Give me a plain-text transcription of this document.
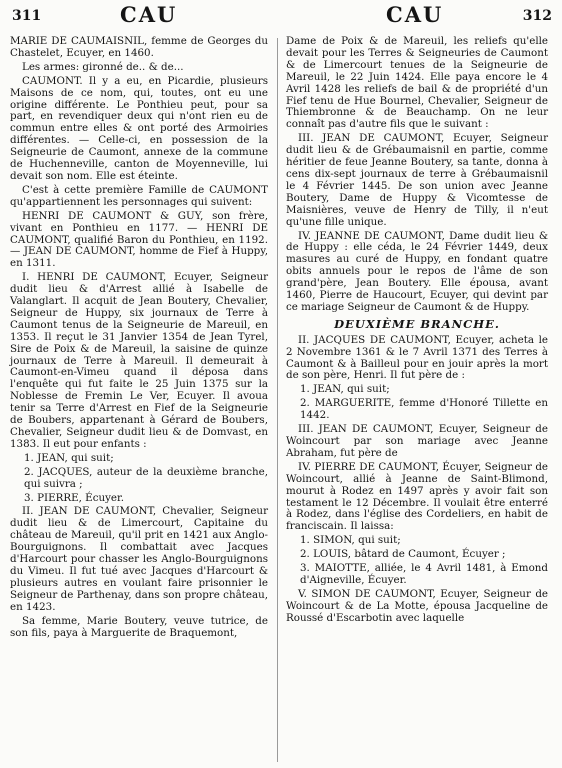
311	CAU	CAU	312

MARIE DE CAUMAISNIL, femme de Georges du Chastelet, Ecuyer, en 1460.

Les armes: gironné de.. & de...

CAUMONT. Il y a eu, en Picardie, plusieurs Maisons de ce nom, qui, toutes, ont eu une origine différente. Le Ponthieu peut, pour sa part, en revendiquer deux qui n'ont rien eu de commun entre elles & ont porté des Armoiries différentes. — Celle-ci, en possession de la Seigneurie de Caumont, annexe de la commune de Huchenneville, canton de Moyenneville, lui devait son nom. Elle est éteinte.

C'est à cette première Famille de CAUMONT qu'appartiennent les personnages qui suivent:

HENRI DE CAUMONT & GUY, son frère, vivant en Ponthieu en 1177. — HENRI DE CAUMONT, qualifié Baron du Ponthieu, en 1192. — JEAN DE CAUMONT, homme de Fief à Huppy, en 1311.

I. HENRI DE CAUMONT, Ecuyer, Seigneur dudit lieu & d'Arrest allié à Isabelle de Valanglart. Il acquit de Jean Boutery, Chevalier, Seigneur de Huppy, six journaux de Terre à Caumont tenus de la Seigneurie de Mareuil, en 1353. Il reçut le 31 Janvier 1354 de Jean Tyrel, Sire de Poix & de Mareuil, la saisine de quinze journaux de Terre à Mareuil. Il demeurait à Caumont-en-Vimeu quand il déposa dans l'enquête qui fut faite le 25 Juin 1375 sur la Noblesse de Fremin Le Ver, Ecuyer. Il avoua tenir sa Terre d'Arrest en Fief de la Seigneurie de Boubers, appartenant à Gérard de Boubers, Chevalier, Seigneur dudit lieu & de Domvast, en 1383. Il eut pour enfants :

1. JEAN, qui suit;

2. JACQUES, auteur de la deuxième branche, qui suivra ;

3. PIERRE, Écuyer.

II. JEAN DE CAUMONT, Chevalier, Seigneur dudit lieu & de Limercourt, Capitaine du château de Mareuil, qu'il prit en 1421 aux Anglo-Bourguignons. Il combattait avec Jacques d'Harcourt pour chasser les Anglo-Bourguignons du Vimeu. Il fut tué avec Jacques d'Harcourt & plusieurs autres en voulant faire prisonnier le Seigneur de Parthenay, dans son propre château, en 1423.

Sa femme, Marie Boutery, veuve tutrice, de son fils, paya à Marguerite de Braquemont,

Dame de Poix & de Mareuil, les reliefs qu'elle devait pour les Terres & Seigneuries de Caumont & de Limercourt tenues de la Seigneurie de Mareuil, le 22 Juin 1424. Elle paya encore le 4 Avril 1428 les reliefs de bail & de propriété d'un Fief tenu de Hue Bournel, Chevalier, Seigneur de Thiembronne & de Beauchamp. On ne leur connaît pas d'autre fils que le suivant :

III. JEAN DE CAUMONT, Ecuyer, Seigneur dudit lieu & de Grébaumaisnil en partie, comme héritier de feue Jeanne Boutery, sa tante, donna à cens dix-sept journaux de terre à Grébaumaisnil le 4 Février 1445. De son union avec Jeanne Boutery, Dame de Huppy & Vicomtesse de Maisnières, veuve de Henry de Tilly, il n'eut qu'une fille unique.

IV. JEANNE DE CAUMONT, Dame dudit lieu & de Huppy : elle céda, le 24 Février 1449, deux masures au curé de Huppy, en fondant quatre obits annuels pour le repos de l'âme de son grand'père, Jean Boutery. Elle épousa, avant 1460, Pierre de Haucourt, Ecuyer, qui devint par ce mariage Seigneur de Caumont & de Huppy.

DEUXIÈME BRANCHE.

II. JACQUES DE CAUMONT, Ecuyer, acheta le 2 Novembre 1361 & le 7 Avril 1371 des Terres à Caumont & à Bailleul pour en jouir après la mort de son père, Henri. Il fut père de :

1. JEAN, qui suit;

2. MARGUERITE, femme d'Honoré Tillette en 1442.

III. JEAN DE CAUMONT, Ecuyer, Seigneur de Woincourt par son mariage avec Jeanne Abraham, fut père de

IV. PIERRE DE CAUMONT, Écuyer, Seigneur de Woincourt, allié à Jeanne de Saint-Blimond, mourut à Rodez en 1497 après y avoir fait son testament le 12 Décembre. Il voulait être enterré à Rodez, dans l'église des Cordeliers, en habit de franciscain. Il laissa:

1. SIMON, qui suit;

2. LOUIS, bâtard de Caumont, Écuyer ;

3. MAIOTTE, alliée, le 4 Avril 1481, à Emond d'Aigneville, Écuyer.

V. SIMON DE CAUMONT, Ecuyer, Seigneur de Woincourt & de La Motte, épousa Jacqueline de Roussé d'Escarbotin avec laquelle
